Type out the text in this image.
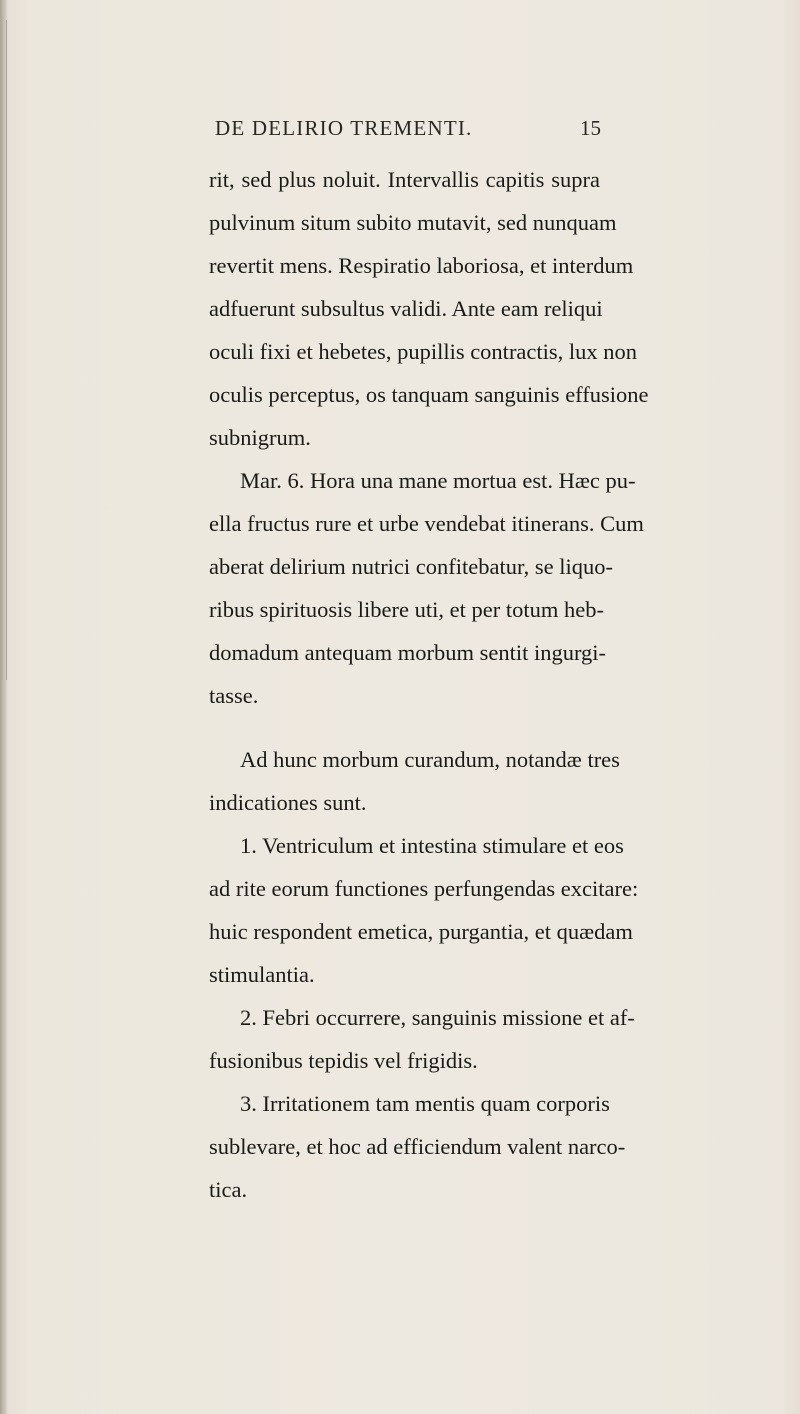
DE DELIRIO TREMENTI.	15
rit, sed plus noluit. Intervallis capitis supra
pulvinum situm subito mutavit, sed nunquam
revertit mens. Respiratio laboriosa, et interdum
adfuerunt subsultus validi. Ante eam reliqui
oculi fixi et hebetes, pupillis contractis, lux non
oculis perceptus, os tanquam sanguinis effusione
subnigrum.
Mar. 6. Hora una mane mortua est. Hæc pu-
ella fructus rure et urbe vendebat itinerans. Cum
aberat delirium nutrici confitebatur, se liquo-
ribus spirituosis libere uti, et per totum heb-
domadum antequam morbum sentit ingurgi-
tasse.
Ad hunc morbum curandum, notandæ tres
indicationes sunt.
1. Ventriculum et intestina stimulare et eos
ad rite eorum functiones perfungendas excitare:
huic respondent emetica, purgantia, et quædam
stimulantia.
2. Febri occurrere, sanguinis missione et af-
fusionibus tepidis vel frigidis.
3. Irritationem tam mentis quam corporis
sublevare, et hoc ad efficiendum valent narco-
tica.
